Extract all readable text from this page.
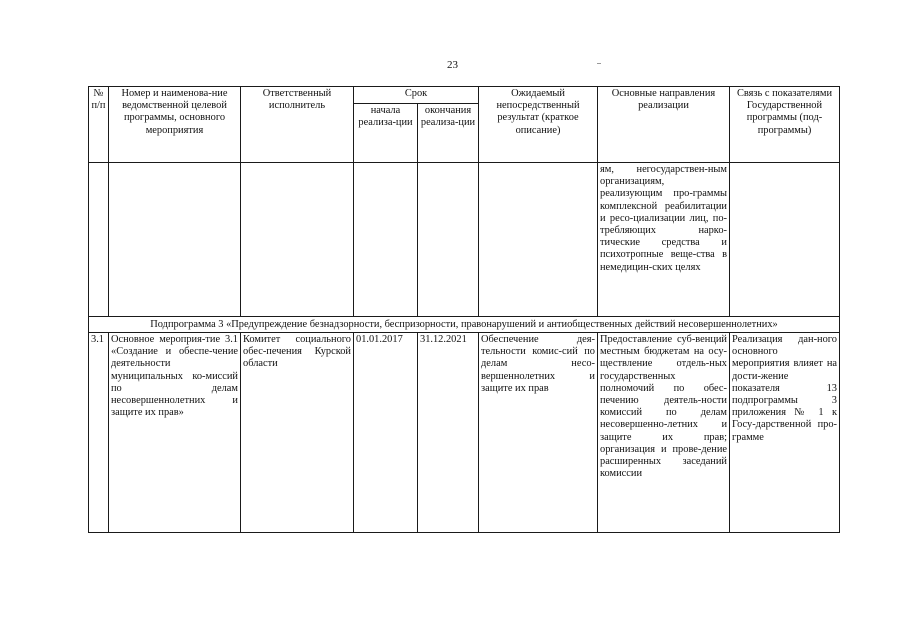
23
№ п/п	Номер и наименова-ние ведомственной целевой программы, основного мероприятия	Ответственный исполнитель	Срок		Ожидаемый непосредственный результат (краткое описание)	Основные направления реализации	Связь с показателями Государственной программы (под-программы)
			начала реализа-ции	окончания реализа-ции			
						ям, негосударствен-ным организациям, реализующим про-граммы комплексной реабилитации и ресо-циализации лиц, по-требляющих нарко-тические средства и психотропные веще-ства в немедицин-ских целях	
Подпрограмма 3 «Предупреждение безнадзорности, беспризорности, правонарушений и антиобщественных действий несовершеннолетних»							
3.1	Основное мероприя-тие 3.1 «Создание и обеспе-чение деятельности муниципальных ко-миссий по делам несовершеннолетних и защите их прав»	Комитет социального обес-печения Курской области	01.01.2017	31.12.2021	Обеспечение дея-тельности комис-сий по делам несо-вершеннолетних и защите их прав	Предоставление суб-венций местным бюджетам на осу-ществление отдель-ных государственных полномочий по обес-печению деятель-ности комиссий по делам несовершенно-летних и защите их прав; организация и прове-дение расширенных заседаний комиссии	Реализация дан-ного основного мероприятия влияет на дости-жение показателя 13 подпрограммы 3 приложения № 1 к Госу-дарственной про-грамме
